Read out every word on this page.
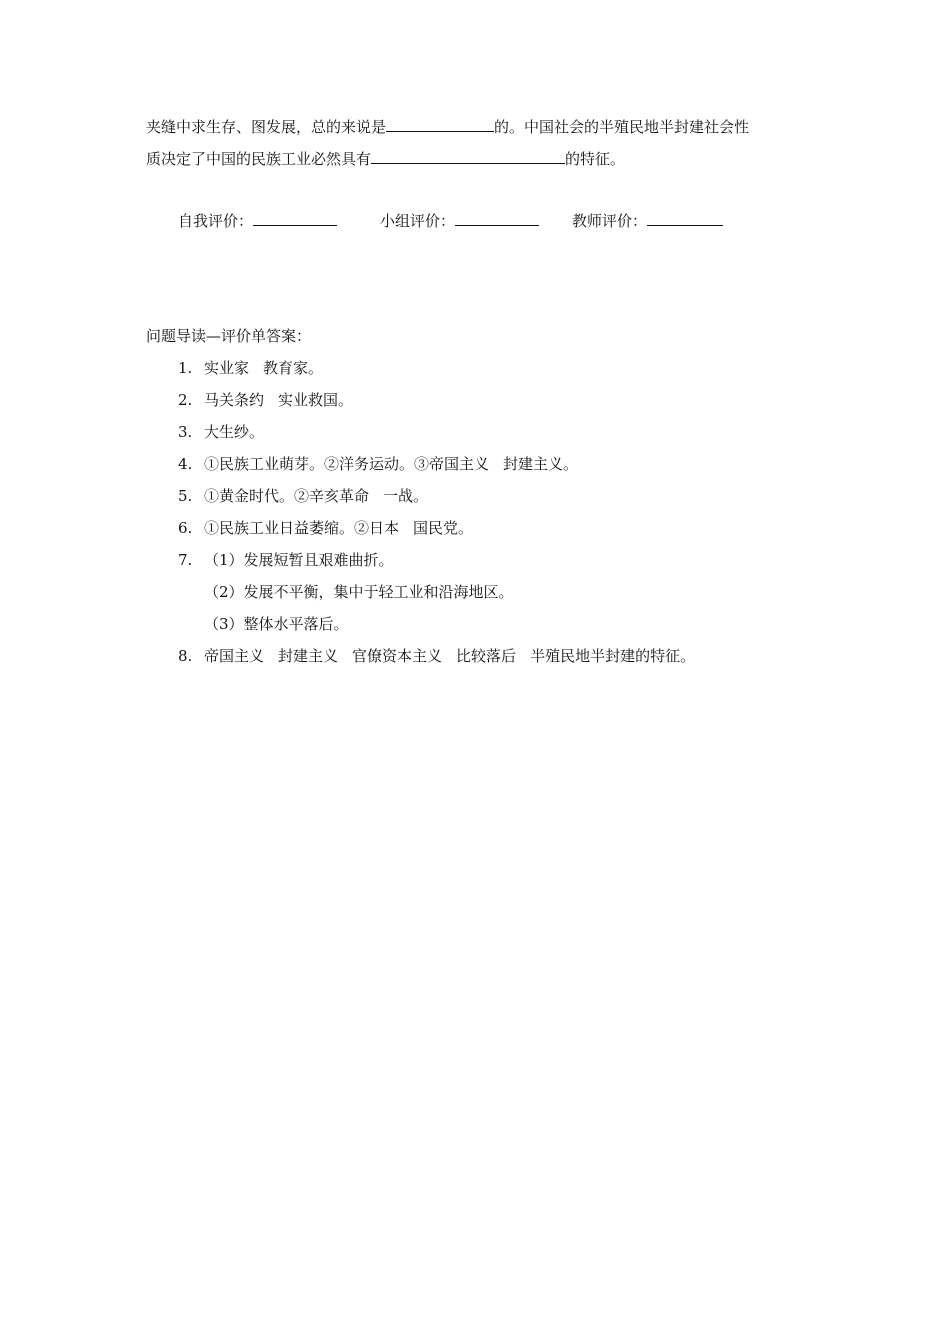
夹缝中求生存、图发展，总的来说是	的。中国社会的半殖民地半封建社会性
质决定了中国的民族工业必然具有	的特征。
自我评价：	小组评价：	教师评价：
问题导读—评价单答案：
1. 实业家 教育家。
2. 马关条约 实业救国。
3. 大生纱。
4. ①民族工业萌芽。②洋务运动。③帝国主义 封建主义。
5. ①黄金时代。②辛亥革命 一战。
6. ①民族工业日益萎缩。②日本 国民党。
7. （1）发展短暂且艰难曲折。
（2）发展不平衡，集中于轻工业和沿海地区。
（3）整体水平落后。
8. 帝国主义 封建主义 官僚资本主义 比较落后 半殖民地半封建的特征。
